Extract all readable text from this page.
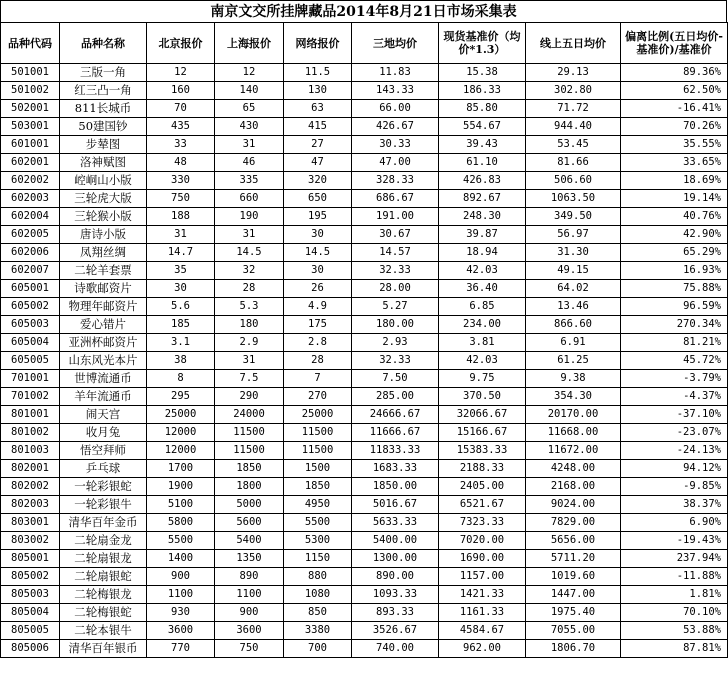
南京文交所挂牌藏品2014年8月21日市场采集表
品种代码	品种名称	北京报价	上海报价	网络报价	三地均价	现货基准价（均价*1.3）	线上五日均价	偏离比例(五日均价-基准价)/基准价
501001	三版一角	12	12	11.5	11.83	15.38	29.13	89.36%
501002	红三凸一角	160	140	130	143.33	186.33	302.80	62.50%
502001	811长城币	70	65	63	66.00	85.80	71.72	-16.41%
503001	50建国钞	435	430	415	426.67	554.67	944.40	70.26%
601001	步辇图	33	31	27	30.33	39.43	53.45	35.55%
602001	洛神赋图	48	46	47	47.00	61.10	81.66	33.65%
602002	崆峒山小版	330	335	320	328.33	426.83	506.60	18.69%
602003	三轮虎大版	750	660	650	686.67	892.67	1063.50	19.14%
602004	三轮猴小版	188	190	195	191.00	248.30	349.50	40.76%
602005	唐诗小版	31	31	30	30.67	39.87	56.97	42.90%
602006	凤翔丝绸	14.7	14.5	14.5	14.57	18.94	31.30	65.29%
602007	二轮羊套票	35	32	30	32.33	42.03	49.15	16.93%
605001	诗歌邮资片	30	28	26	28.00	36.40	64.02	75.88%
605002	物理年邮资片	5.6	5.3	4.9	5.27	6.85	13.46	96.59%
605003	爱心错片	185	180	175	180.00	234.00	866.60	270.34%
605004	亚洲杯邮资片	3.1	2.9	2.8	2.93	3.81	6.91	81.21%
605005	山东风光本片	38	31	28	32.33	42.03	61.25	45.72%
701001	世博流通币	8	7.5	7	7.50	9.75	9.38	-3.79%
701002	羊年流通币	295	290	270	285.00	370.50	354.30	-4.37%
801001	闹天宫	25000	24000	25000	24666.67	32066.67	20170.00	-37.10%
801002	收月兔	12000	11500	11500	11666.67	15166.67	11668.00	-23.07%
801003	悟空拜师	12000	11500	11500	11833.33	15383.33	11672.00	-24.13%
802001	乒乓球	1700	1850	1500	1683.33	2188.33	4248.00	94.12%
802002	一轮彩银蛇	1900	1800	1850	1850.00	2405.00	2168.00	-9.85%
802003	一轮彩银牛	5100	5000	4950	5016.67	6521.67	9024.00	38.37%
803001	清华百年金币	5800	5600	5500	5633.33	7323.33	7829.00	6.90%
803002	二轮扇金龙	5500	5400	5300	5400.00	7020.00	5656.00	-19.43%
805001	二轮扇银龙	1400	1350	1150	1300.00	1690.00	5711.20	237.94%
805002	二轮扇银蛇	900	890	880	890.00	1157.00	1019.60	-11.88%
805003	二轮梅银龙	1100	1100	1080	1093.33	1421.33	1447.00	1.81%
805004	二轮梅银蛇	930	900	850	893.33	1161.33	1975.40	70.10%
805005	二轮本银牛	3600	3600	3380	3526.67	4584.67	7055.00	53.88%
805006	清华百年银币	770	750	700	740.00	962.00	1806.70	87.81%
